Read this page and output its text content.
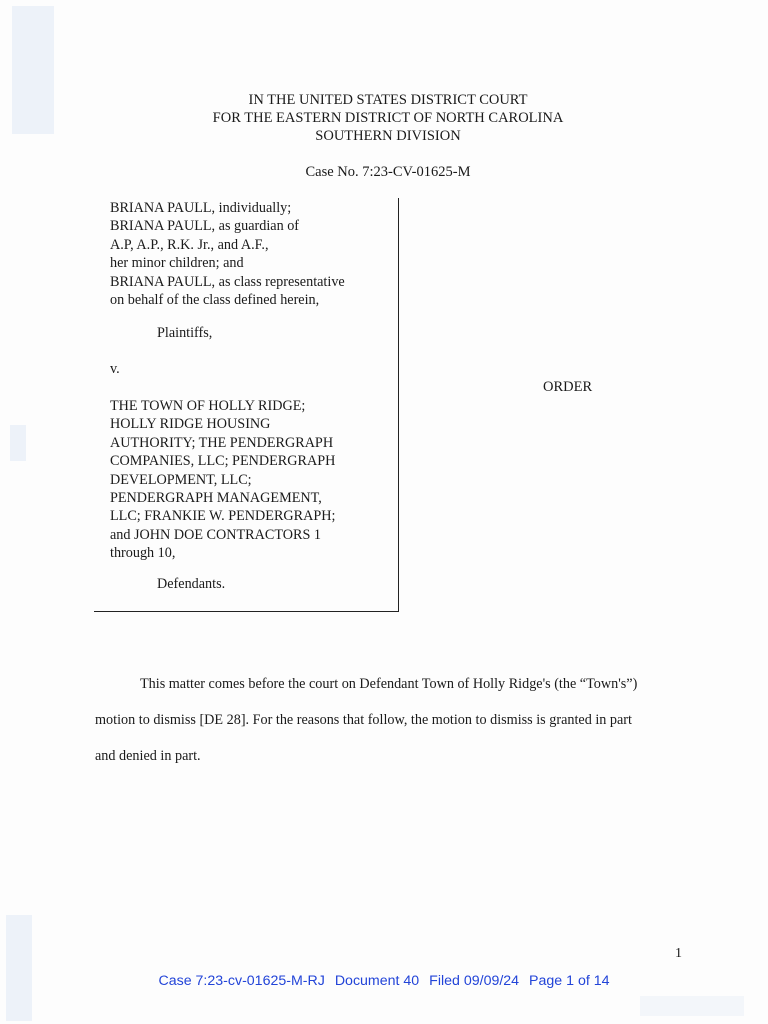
IN THE UNITED STATES DISTRICT COURT
FOR THE EASTERN DISTRICT OF NORTH CAROLINA
SOUTHERN DIVISION
Case No. 7:23-CV-01625-M
BRIANA PAULL, individually;
BRIANA PAULL, as guardian of
A.P, A.P., R.K. Jr., and A.F.,
her minor children; and
BRIANA PAULL, as class representative
on behalf of the class defined herein,
Plaintiffs,
v.
THE TOWN OF HOLLY RIDGE;
HOLLY RIDGE HOUSING
AUTHORITY; THE PENDERGRAPH
COMPANIES, LLC; PENDERGRAPH
DEVELOPMENT, LLC;
PENDERGRAPH MANAGEMENT,
LLC; FRANKIE W. PENDERGRAPH;
and JOHN DOE CONTRACTORS 1
through 10,
Defendants.
ORDER
This matter comes before the court on Defendant Town of Holly Ridge's (the “Town's”)
motion to dismiss [DE 28]. For the reasons that follow, the motion to dismiss is granted in part
and denied in part.
1
Case 7:23-cv-01625-M-RJ Document 40 Filed 09/09/24 Page 1 of 14
